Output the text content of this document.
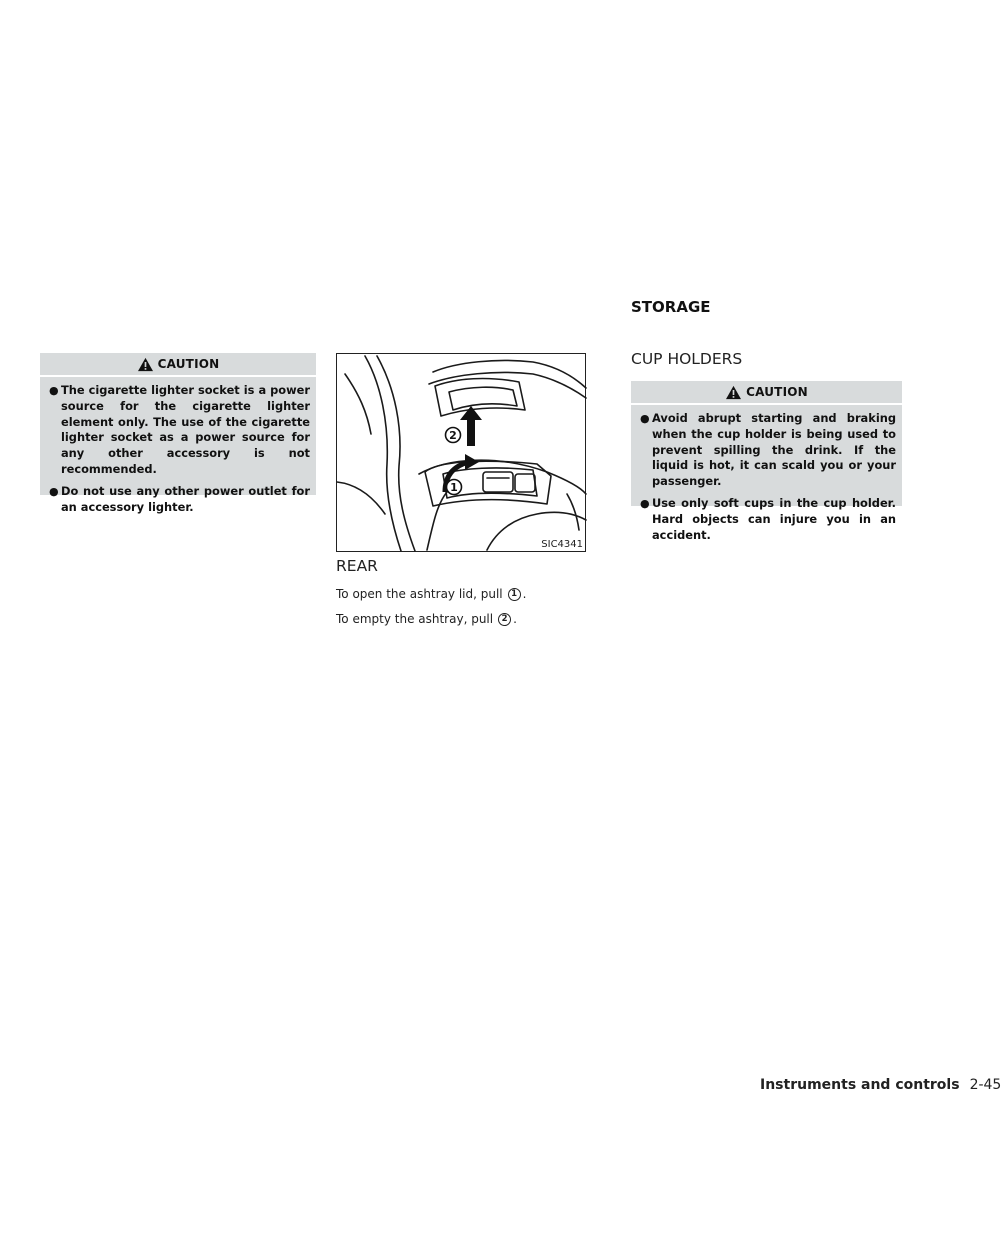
CAUTION
● The cigarette lighter socket is a power source for the cigarette lighter element only. The use of the cigarette lighter socket as a power source for any other accessory is not recommended.
● Do not use any other power outlet for an accessory lighter.
2
1
SIC4341
REAR
To open the ashtray lid, pull	1 .
To empty the ashtray, pull	2 .
STORAGE
CUP HOLDERS
CAUTION
● Avoid abrupt starting and braking when the cup holder is being used to prevent spilling the drink. If the liquid is hot, it can scald you or your passenger.
● Use only soft cups in the cup holder. Hard objects can injure you in an accident.
Instruments and controls 2-45
